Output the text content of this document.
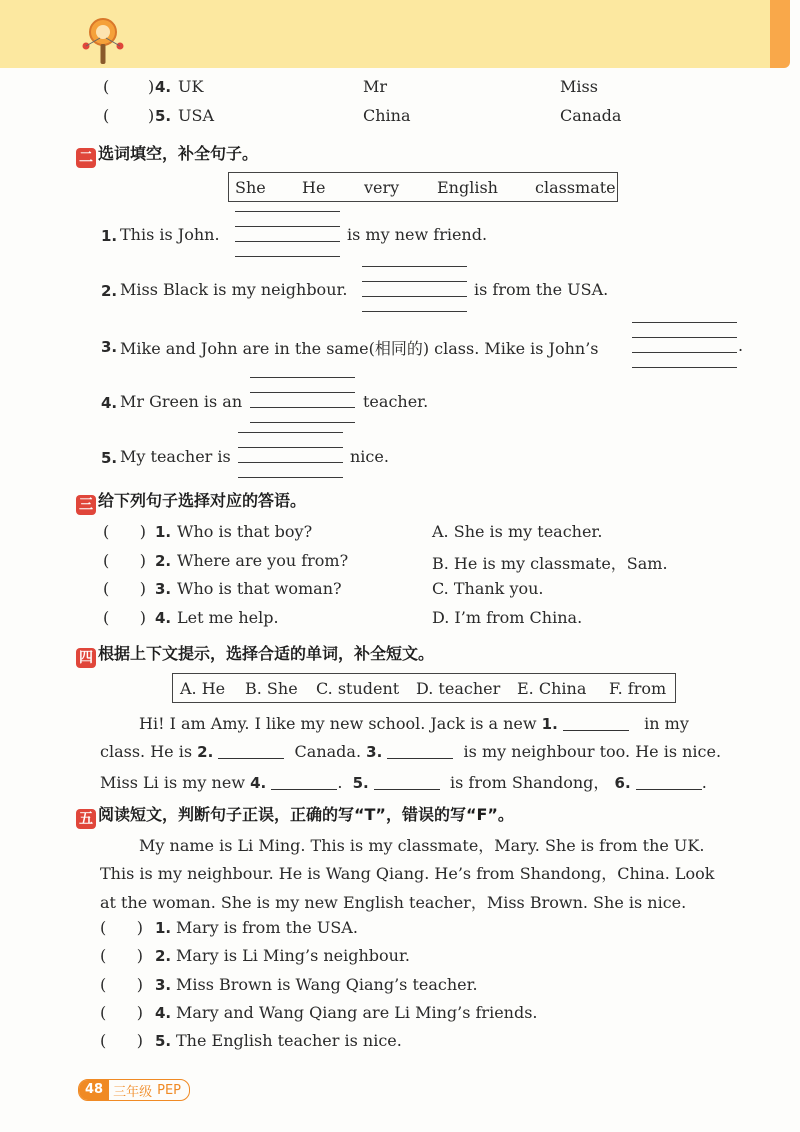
( ) 4. UK	Mr	Miss
( ) 5. USA	China	Canada
二 选词填空，补全句子。
She He very English classmate
1. This is John.	is my new friend.
2. Miss Black is my neighbour.	is from the USA.
3. Mike and John are in the same(相同的) class. Mike is John’s	.
4. Mr Green is an	teacher.
5. My teacher is	nice.
三 给下列句子选择对应的答语。
(      ) 1. Who is that boy?	A. She is my teacher.
(      ) 2. Where are you from?	B. He is my classmate，Sam.
(      ) 3. Who is that woman?	C. Thank you.
(      ) 4. Let me help.	D. I’m from China.
四 根据上下文提示，选择合适的单词，补全短文。
A. He B. She C. student D. teacher E. China F. from
Hi! I am Amy. I like my new school. Jack is a new 1.	in my
class. He is 2.	Canada. 3.	is my neighbour too. He is nice.
Miss Li is my new 4.	. 5.	is from Shandong， 6.	.
五 阅读短文，判断句子正误，正确的写“T”，错误的写“F”。
My name is Li Ming. This is my classmate，Mary. She is from the UK.
This is my neighbour. He is Wang Qiang. He’s from Shandong，China. Look
at the woman. She is my new English teacher，Miss Brown. She is nice.
(      ) 1. Mary is from the USA.
(      ) 2. Mary is Li Ming’s neighbour.
(      ) 3. Miss Brown is Wang Qiang’s teacher.
(      ) 4. Mary and Wang Qiang are Li Ming’s friends.
(      ) 5. The English teacher is nice.
48 三年级 PEP
